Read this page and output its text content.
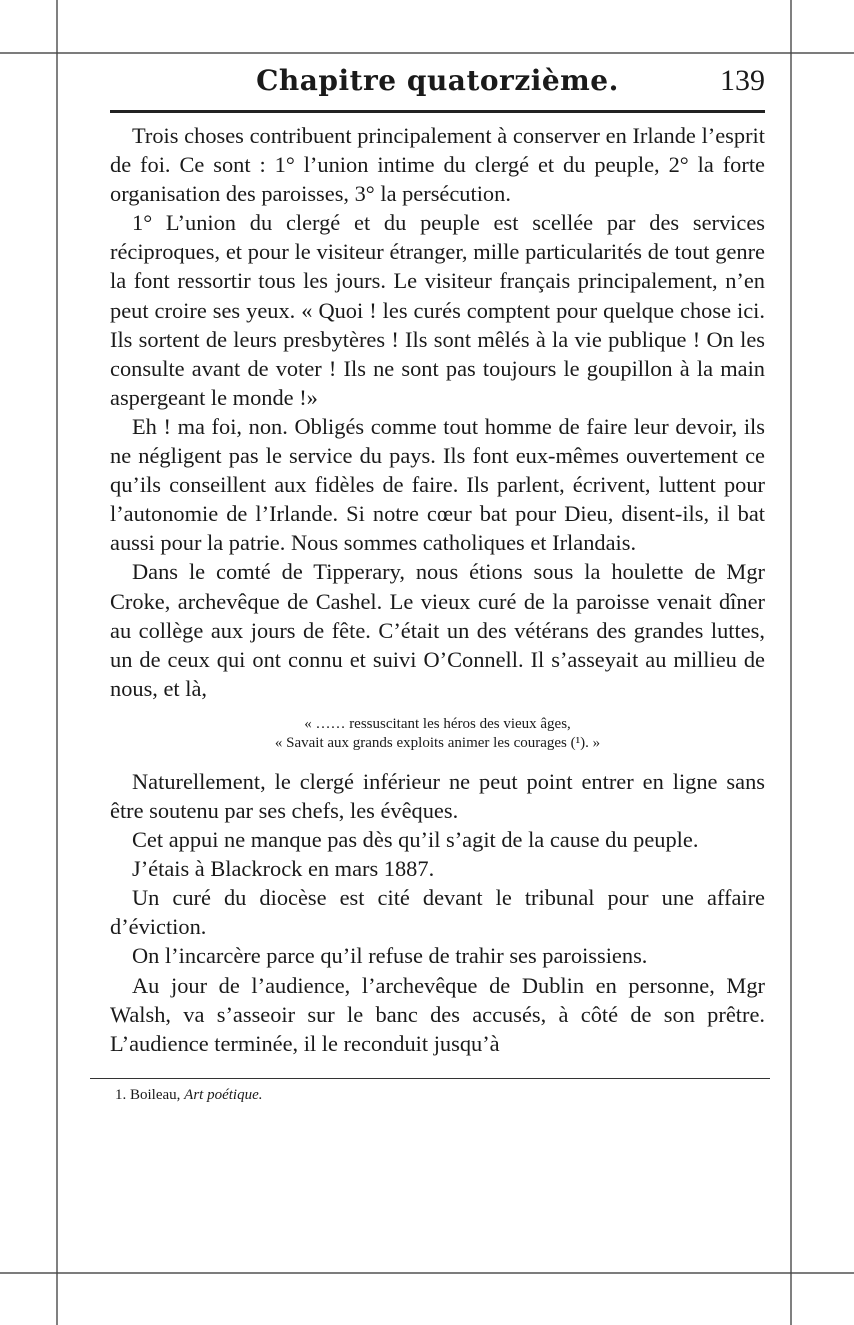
Chapitre quatorzième.	139

Trois choses contribuent principalement à conserver en Irlande l’esprit de foi. Ce sont : 1° l’union intime du clergé et du peuple, 2° la forte organisation des paroisses, 3° la persécution.

1° L’union du clergé et du peuple est scellée par des services réciproques, et pour le visiteur étranger, mille particularités de tout genre la font ressortir tous les jours. Le visiteur français principalement, n’en peut croire ses yeux. « Quoi ! les curés comptent pour quelque chose ici. Ils sortent de leurs presbytères ! Ils sont mêlés à la vie publique ! On les consulte avant de voter ! Ils ne sont pas toujours le goupillon à la main aspergeant le monde !»

Eh ! ma foi, non. Obligés comme tout homme de faire leur devoir, ils ne négligent pas le service du pays. Ils font eux-mêmes ouvertement ce qu’ils conseillent aux fidèles de faire. Ils parlent, écrivent, luttent pour l’autonomie de l’Irlande. Si notre cœur bat pour Dieu, disent-ils, il bat aussi pour la patrie. Nous sommes catholiques et Irlandais.

Dans le comté de Tipperary, nous étions sous la houlette de Mgr Croke, archevêque de Cashel. Le vieux curé de la paroisse venait dîner au collège aux jours de fête. C’était un des vétérans des grandes luttes, un de ceux qui ont connu et suivi O’Connell. Il s’asseyait au millieu de nous, et là,

« …… ressuscitant les héros des vieux âges,
« Savait aux grands exploits animer les courages (¹). »

Naturellement, le clergé inférieur ne peut point entrer en ligne sans être soutenu par ses chefs, les évêques.

Cet appui ne manque pas dès qu’il s’agit de la cause du peuple.

J’étais à Blackrock en mars 1887.

Un curé du diocèse est cité devant le tribunal pour une affaire d’éviction.

On l’incarcère parce qu’il refuse de trahir ses paroissiens.

Au jour de l’audience, l’archevêque de Dublin en personne, Mgr Walsh, va s’asseoir sur le banc des accusés, à côté de son prêtre. L’audience terminée, il le reconduit jusqu’à

1. Boileau, Art poétique.
